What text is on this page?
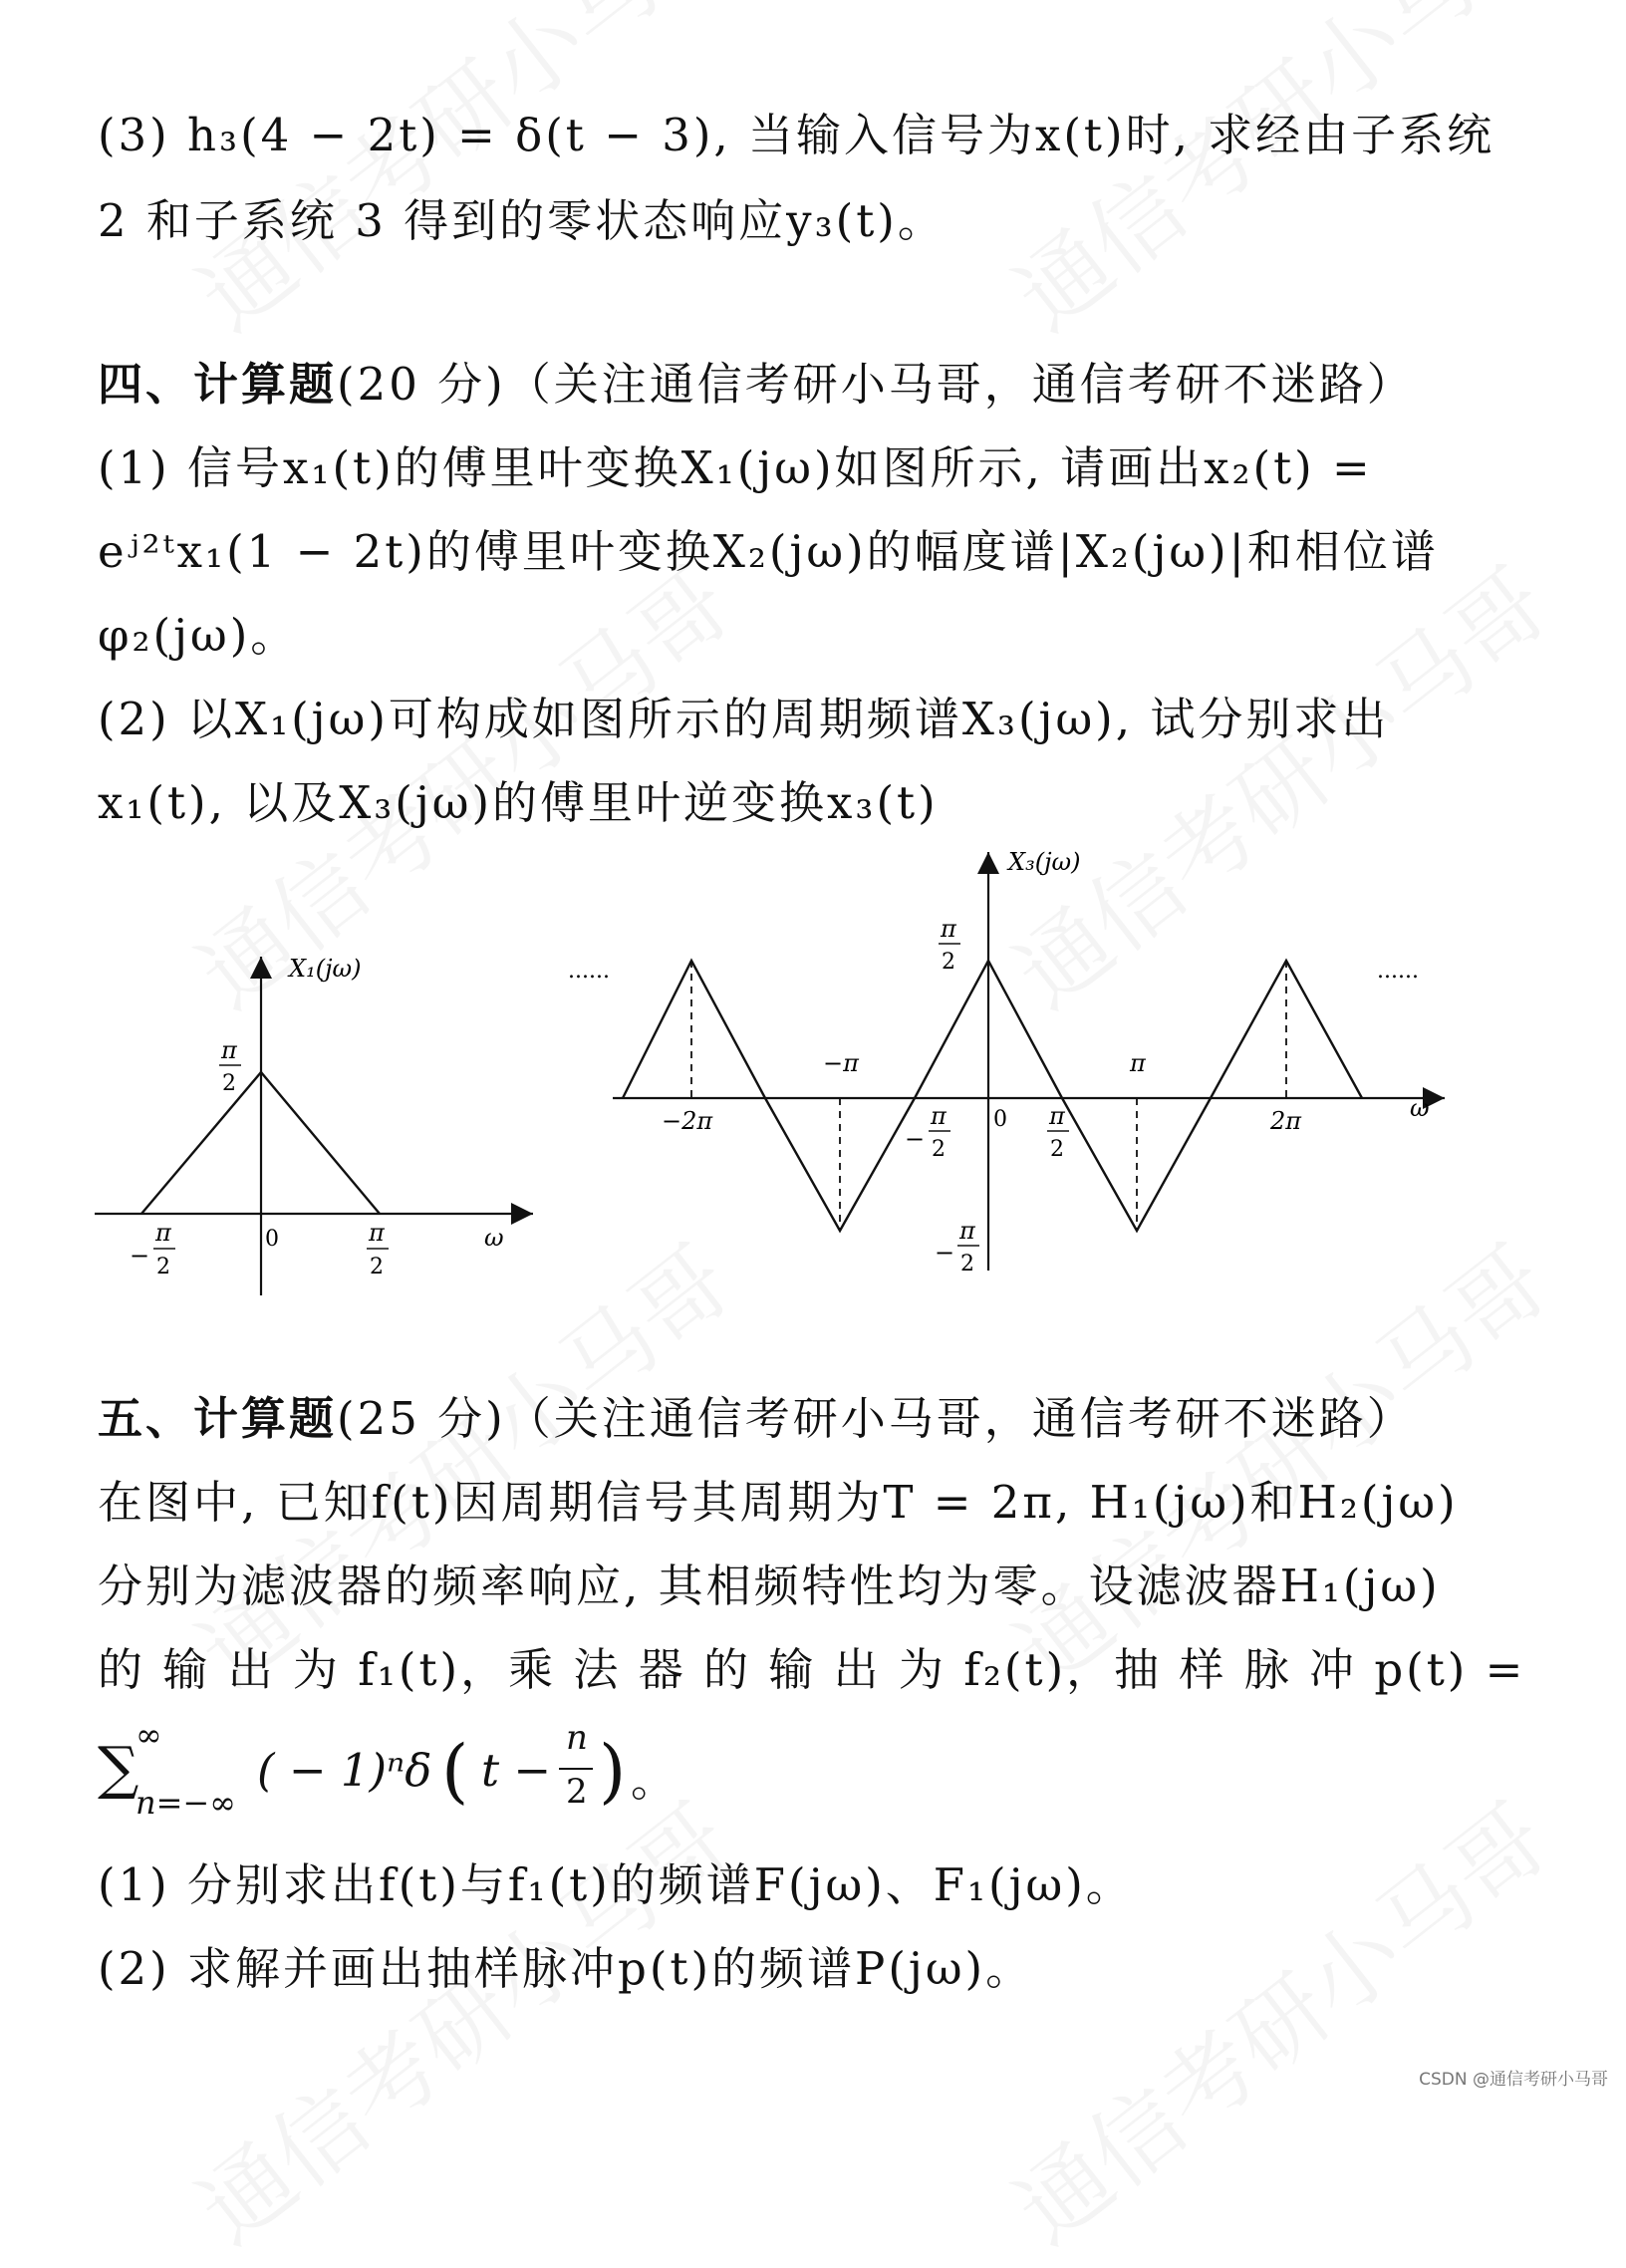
(3) h₃(4 − 2t) = δ(t − 3), 当输入信号为x(t)时, 求经由子系统
2 和子系统 3 得到的零状态响应y₃(t)。
四、计算题(20 分)（关注通信考研小马哥，通信考研不迷路）
(1) 信号x₁(t)的傅里叶变换X₁(jω)如图所示, 请画出x₂(t) =
eʲ²ᵗx₁(1 − 2t)的傅里叶变换X₂(jω)的幅度谱|X₂(jω)|和相位谱
φ₂(jω)。
(2) 以X₁(jω)可构成如图所示的周期频谱X₃(jω), 试分别求出
x₁(t), 以及X₃(jω)的傅里叶逆变换x₃(t)
X₁(jω)
ω
0
π
2
−
π
2
π
2
X₃(jω)
ω
0
......	......
π
2
−
π
2
−2π
−π
−
π
2
π
2
π
2π
五、计算题(25 分)（关注通信考研小马哥，通信考研不迷路）
在图中, 已知f(t)因周期信号其周期为T = 2π, H₁(jω)和H₂(jω)
分别为滤波器的频率响应, 其相频特性均为零。设滤波器H₁(jω)
的 输 出 为 f₁(t)，乘 法 器 的 输 出 为 f₂(t)，抽 样 脉 冲 p(t) =
∑
∞
n=−∞
( − 1)ⁿδ ( t −
n
2 ) 。
(1) 分别求出f(t)与f₁(t)的频谱F(jω)、F₁(jω)。
(2) 求解并画出抽样脉冲p(t)的频谱P(jω)。
CSDN @通信考研小马哥
